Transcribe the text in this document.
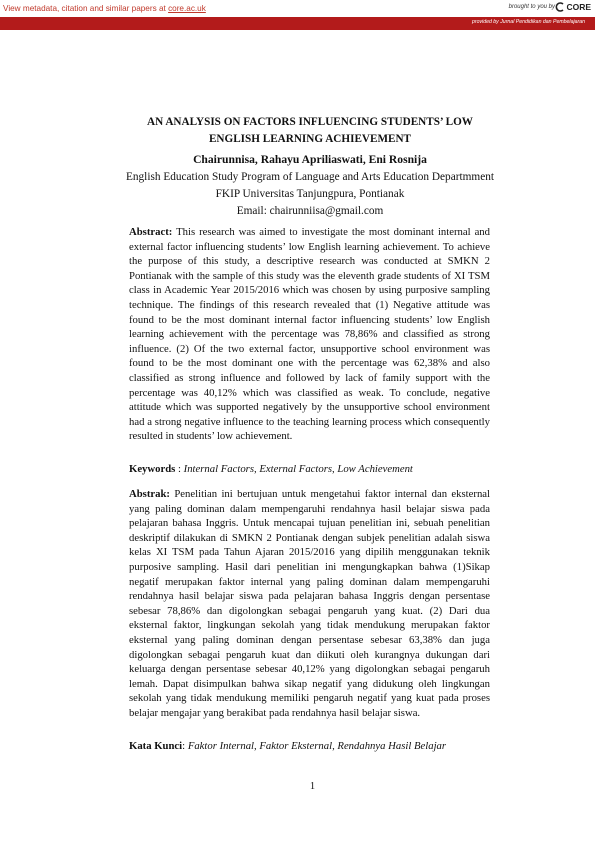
View metadata, citation and similar papers at core.ac.uk	brought to you by CORE
provided by Jurnal Pendidikan dan Pembelajaran
AN ANALYSIS ON FACTORS INFLUENCING STUDENTS’ LOW
ENGLISH LEARNING ACHIEVEMENT
Chairunnisa, Rahayu Apriliaswati, Eni Rosnija
English Education Study Program of Language and Arts Education Departmment
FKIP Universitas Tanjungpura, Pontianak
Email: chairunniisa@gmail.com
Abstract: This research was aimed to investigate the most dominant internal and external factor influencing students’ low English learning achievement. To achieve the purpose of this study, a descriptive research was conducted at SMKN 2 Pontianak with the sample of this study was the eleventh grade students of XI TSM class in Academic Year 2015/2016 which was chosen by using purposive sampling technique. The findings of this research revealed that (1) Negative attitude was found to be the most dominant internal factor influencing students’ low English learning achievement with the percentage was 78,86% and classified as strong influence. (2) Of the two external factor, unsupportive school environment was found to be the most dominant one with the percentage was 62,38% and also classified as strong influence and followed by lack of family support with the percentage was 40,12% which was classified as weak. To conclude, negative attitude which was supported negatively by the unsupportive school environment had a strong negative influence to the teaching learning process which consequently resulted in students’ low achievement.
Keywords : Internal Factors, External Factors, Low Achievement
Abstrak: Penelitian ini bertujuan untuk mengetahui faktor internal dan eksternal yang paling dominan dalam mempengaruhi rendahnya hasil belajar siswa pada pelajaran bahasa Inggris. Untuk mencapai tujuan penelitian ini, sebuah penelitian deskriptif dilakukan di SMKN 2 Pontianak dengan subjek penelitian adalah siswa kelas XI TSM pada Tahun Ajaran 2015/2016 yang dipilih menggunakan teknik purposive sampling. Hasil dari penelitian ini mengungkapkan bahwa (1)Sikap negatif merupakan faktor internal yang paling dominan dalam mempengaruhi rendahnya hasil belajar siswa pada pelajaran bahasa Inggris dengan persentase sebesar 78,86% dan digolongkan sebagai pengaruh yang kuat. (2) Dari dua eksternal faktor, lingkungan sekolah yang tidak mendukung merupakan faktor eksternal yang paling dominan dengan persentase sebesar 63,38% dan juga digolongkan sebagai pengaruh kuat dan diikuti oleh kurangnya dukungan dari keluarga dengan persentase sebesar 40,12% yang digolongkan sebagai pengaruh lemah. Dapat disimpulkan bahwa sikap negatif yang didukung oleh lingkungan sekolah yang tidak mendukung memiliki pengaruh negatif yang kuat pada proses belajar mengajar yang berakibat pada rendahnya hasil belajar siswa.
Kata Kunci: Faktor Internal, Faktor Eksternal, Rendahnya Hasil Belajar
1
